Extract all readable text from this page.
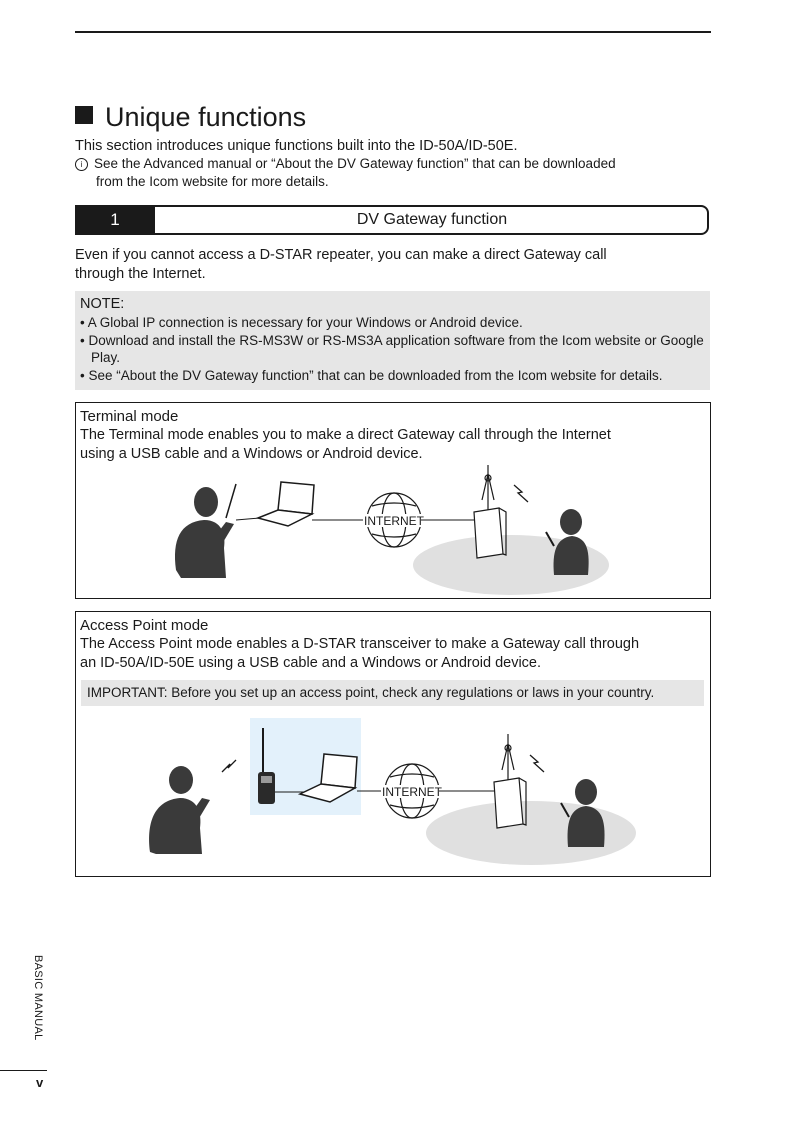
Unique functions
This section introduces unique functions built into the ID-50A/ID-50E.
i See the Advanced manual or “About the DV Gateway function” that can be downloaded
from the Icom website for more details.
1	DV Gateway function
Even if you cannot access a D-STAR repeater, you can make a direct Gateway call
through the Internet.
NOTE:
• A Global IP connection is necessary for your Windows or Android device.
• Download and install the RS-MS3W or RS-MS3A application software from the Icom website or Google Play.
• See “About the DV Gateway function” that can be downloaded from the Icom website for details.
Terminal mode
The Terminal mode enables you to make a direct Gateway call through the Internet
using a USB cable and a Windows or Android device.
INTERNET
Access Point mode
The Access Point mode enables a D-STAR transceiver to make a Gateway call through
an ID-50A/ID-50E using a USB cable and a Windows or Android device.
IMPORTANT: Before you set up an access point, check any regulations or laws in your country.
INTERNET
BASIC MANUAL
v
